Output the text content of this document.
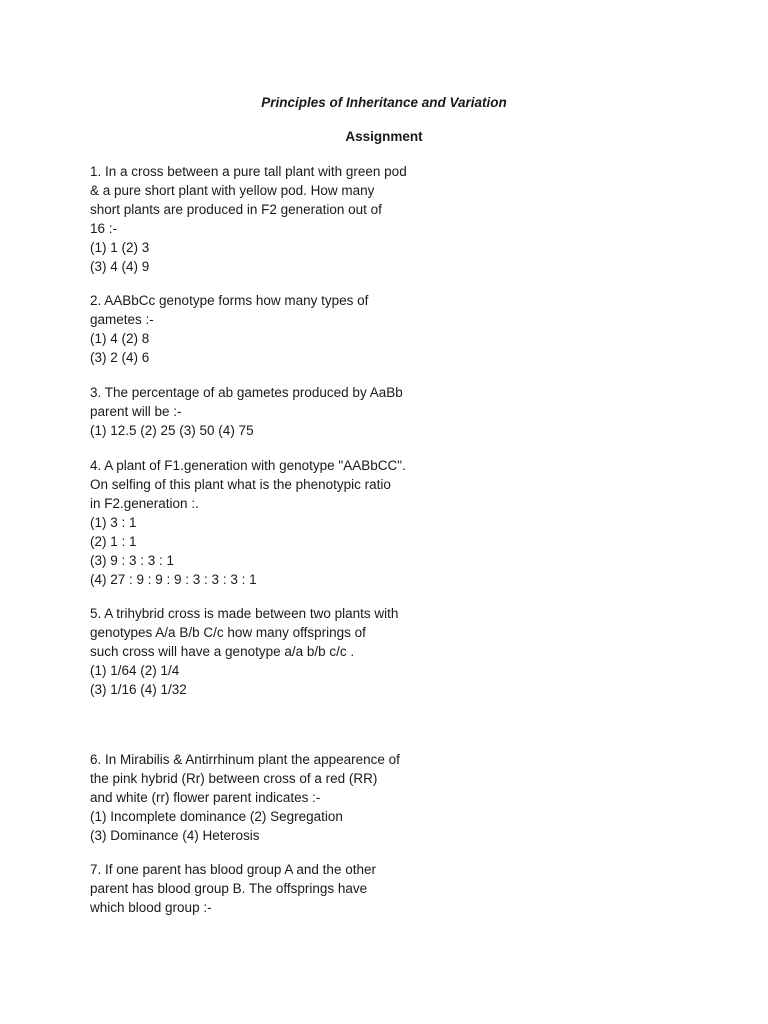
Principles of Inheritance and Variation
Assignment
1. In a cross between a pure tall plant with green pod
& a pure short plant with yellow pod. How many
short plants are produced in F2 generation out of
16 :-
(1) 1 (2) 3
(3) 4 (4) 9
2. AABbCc genotype forms how many types of
gametes :-
(1) 4 (2) 8
(3) 2 (4) 6
3. The percentage of ab gametes produced by AaBb
parent will be :-
(1) 12.5 (2) 25 (3) 50 (4) 75
4. A plant of F1.generation with genotype "AABbCC".
On selfing of this plant what is the phenotypic ratio
in F2.generation :.
(1) 3 : 1
(2) 1 : 1
(3) 9 : 3 : 3 : 1
(4) 27 : 9 : 9 : 9 : 3 : 3 : 3 : 1
5. A trihybrid cross is made between two plants with
genotypes A/a B/b C/c how many offsprings of
such cross will have a genotype a/a b/b c/c .
(1) 1/64 (2) 1/4
(3) 1/16 (4) 1/32
6. In Mirabilis & Antirrhinum plant the appearence of
the pink hybrid (Rr) between cross of a red (RR)
and white (rr) flower parent indicates :-
(1) Incomplete dominance (2) Segregation
(3) Dominance (4) Heterosis
7. If one parent has blood group A and the other
parent has blood group B. The offsprings have
which blood group :-
